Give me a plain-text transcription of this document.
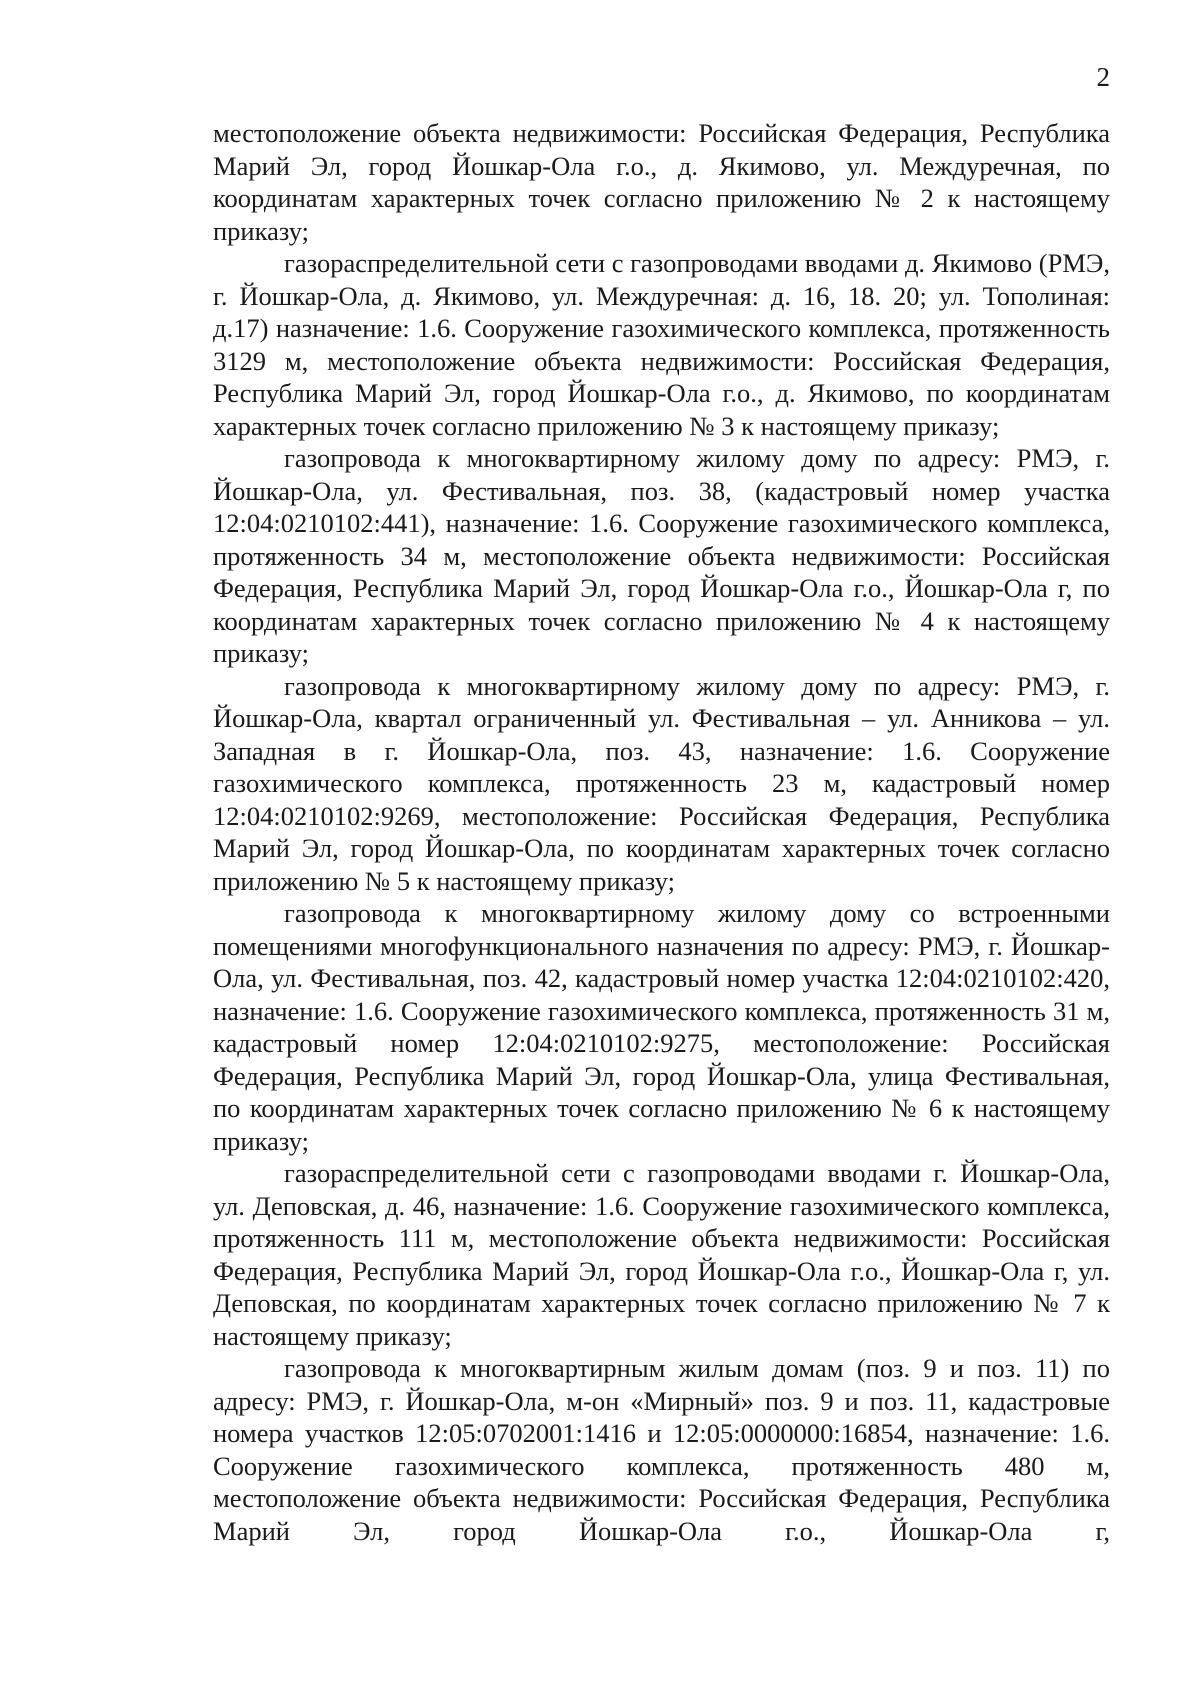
2

местоположение объекта недвижимости: Российская Федерация, Республика Марий Эл, город Йошкар-Ола г.о., д. Якимово, ул. Междуречная, по координатам характерных точек согласно приложению № 2 к настоящему приказу;

газораспределительной сети с газопроводами вводами д. Якимово (РМЭ, г. Йошкар-Ола, д. Якимово, ул. Междуречная: д. 16, 18. 20; ул. Тополиная: д.17) назначение: 1.6. Сооружение газохимического комплекса, протяженность 3129 м, местоположение объекта недвижимости: Российская Федерация, Республика Марий Эл, город Йошкар-Ола г.о., д. Якимово, по координатам характерных точек согласно приложению № 3 к настоящему приказу;

газопровода к многоквартирному жилому дому по адресу: РМЭ, г. Йошкар-Ола, ул. Фестивальная, поз. 38, (кадастровый номер участка 12:04:0210102:441), назначение: 1.6. Сооружение газохимического комплекса, протяженность 34 м, местоположение объекта недвижимости: Российская Федерация, Республика Марий Эл, город Йошкар-Ола г.о., Йошкар-Ола г, по координатам характерных точек согласно приложению № 4 к настоящему приказу;

газопровода к многоквартирному жилому дому по адресу: РМЭ, г. Йошкар-Ола, квартал ограниченный ул. Фестивальная – ул. Анникова – ул. Западная в г. Йошкар-Ола, поз. 43, назначение: 1.6. Сооружение газохимического комплекса, протяженность 23 м, кадастровый номер 12:04:0210102:9269, местоположение: Российская Федерация, Республика Марий Эл, город Йошкар-Ола, по координатам характерных точек согласно приложению № 5 к настоящему приказу;

газопровода к многоквартирному жилому дому со встроенными помещениями многофункционального назначения по адресу: РМЭ, г. Йошкар-Ола, ул. Фестивальная, поз. 42, кадастровый номер участка 12:04:0210102:420, назначение: 1.6. Сооружение газохимического комплекса, протяженность 31 м, кадастровый номер 12:04:0210102:9275, местоположение: Российская Федерация, Республика Марий Эл, город Йошкар-Ола, улица Фестивальная, по координатам характерных точек согласно приложению № 6 к настоящему приказу;

газораспределительной сети с газопроводами вводами г. Йошкар-Ола, ул. Деповская, д. 46, назначение: 1.6. Сооружение газохимического комплекса, протяженность 111 м, местоположение объекта недвижимости: Российская Федерация, Республика Марий Эл, город Йошкар-Ола г.о., Йошкар-Ола г, ул. Деповская, по координатам характерных точек согласно приложению № 7 к настоящему приказу;

газопровода к многоквартирным жилым домам (поз. 9 и поз. 11) по адресу: РМЭ, г. Йошкар-Ола, м-он «Мирный» поз. 9 и поз. 11, кадастровые номера участков 12:05:0702001:1416 и 12:05:0000000:16854, назначение: 1.6. Сооружение газохимического комплекса, протяженность 480 м, местоположение объекта недвижимости: Российская Федерация, Республика Марий Эл, город Йошкар-Ола г.о., Йошкар-Ола г,
